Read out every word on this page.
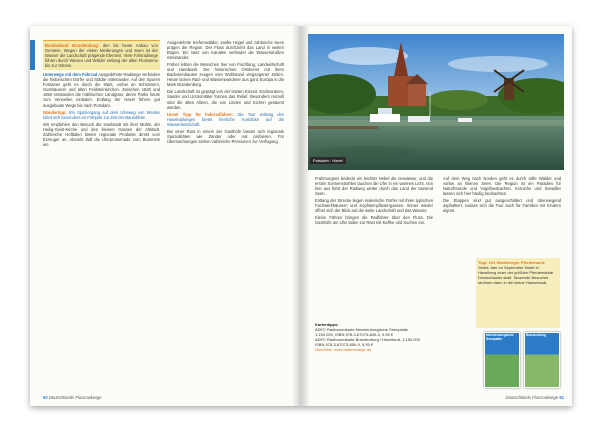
Bundesland Brandenburg: den bis heute Anbau von Gemüse. Wegen der vielen Niederungen und Seen ist der Wasser die Landschaft prägende Element. Viele Fahrradwege führen durch Wiesen und Wälder entlang der alten Flussarme bis zur Ostsee.

Unterwegs mit dem Fahrrad Ausgedehnte Radwege verbinden die historischen Dörfer und Städte miteinander. Auf den Spuren Fontanes geht es durch die Mark, vorbei an Schlössern, Gutshäusern und alten Feldsteinkirchen. Zwischen 1820 und 1850 entstanden die märkischen Landgüter, deren Parks heute zum Verweilen einladen. Entlang der Havel führen gut ausgebaute Wege bis nach Potsdam.

Wandertipp: Ein Spaziergang auf dem Uferweg von Werder lohnt sich besonders im Frühjahr zur Zeit der Baumblüte.

Wir empfehlen den Besuch der Inselstadt mit ihrer Mühle, der Heilig-Geist-Kirche und den kleinen Gassen der Altstadt. Zahlreiche Hofläden bieten regionale Produkte direkt vom Erzeuger an. Abends lädt die Uferpromenade zum Bummeln ein.

Ausgedehnte Kiefernwälder, sanfte Hügel und zahlreiche Seen prägen die Region. Der Fluss durchzieht das Land in weiten Bögen. Ein Netz von Kanälen verbindet die Wasserstraßen miteinander.

Früher lebten die Menschen hier von Fischfang, Landwirtschaft und Handwerk. Die historischen Ortskerne mit ihren Backsteinbauten zeugen vom Wohlstand vergangener Zeiten. Heute locken Rad- und Wasserwanderer aus ganz Europa in die Mark Brandenburg.

Die Landschaft ist geprägt von der letzten Eiszeit. Endmoränen, Sander und Urstromtäler formen das Relief. Besonders reizvoll sind die alten Alleen, die von Linden und Eichen gesäumt werden.

Unser Tipp für Fahrradfahrer: Die Tour entlang des Havelradweges bietet herrliche Ausblicke auf die Wasserlandschaft.

Bei einer Rast in einem der Gasthöfe lassen sich regionale Spezialitäten wie Zander oder Aal probieren. Für Übernachtungen stehen zahlreiche Pensionen zur Verfügung.

50 Deutschlands Flussradwege
Potsdam · Havel

Frühmorgens bedeckt ein leichter Nebel die Gewässer, und die ersten Sonnenstrahlen tauchen die Ufer in ein warmes Licht. Von hier aus führt der Radweg weiter durch das Land der tausend Seen.

Entlang der Strecke liegen malerische Dörfer mit ihren typischen Fachwerkhäusern und Kopfsteinpflastergassen. Immer wieder öffnet sich der Blick auf die weite Landschaft und das Wasser.

Kleine Fähren bringen die Radfahrer über den Fluss. Die Gasthöfe am Ufer laden zur Rast mit Kaffee und Kuchen ein.

Auf dem Weg nach Norden geht es durch stille Wälder und vorbei an kleinen Seen. Die Region ist ein Paradies für Naturfreunde und Vogelbeobachter. Kraniche und Seeadler lassen sich hier häufig beobachten.

Die Etappen sind gut ausgeschildert und überwiegend asphaltiert, sodass sich die Tour auch für Familien mit Kindern eignet.

Tipp: Der Havelberger Pferdemarkt:
Jedes Jahr im September findet in Havelberg einer der größten Pferdemärkte Deutschlands statt. Tausende Besucher strömen dann in die kleine Hansestadt.
Mecklenburgische Seenplatte
Brandenburg
Kartentipps:
ADFC Radtourenkarte Mecklenburgische Seenplatte
1:150.000, ISBN 978-3-87073-849-3, 9,95 €
ADFC Radtourenkarte Brandenburg / Havelland, 1:150.000
ISBN 978-3-87073-850-9, 9,95 €
Überblick: www.radfernwege.de
Deutschlands Flussradwege 51
